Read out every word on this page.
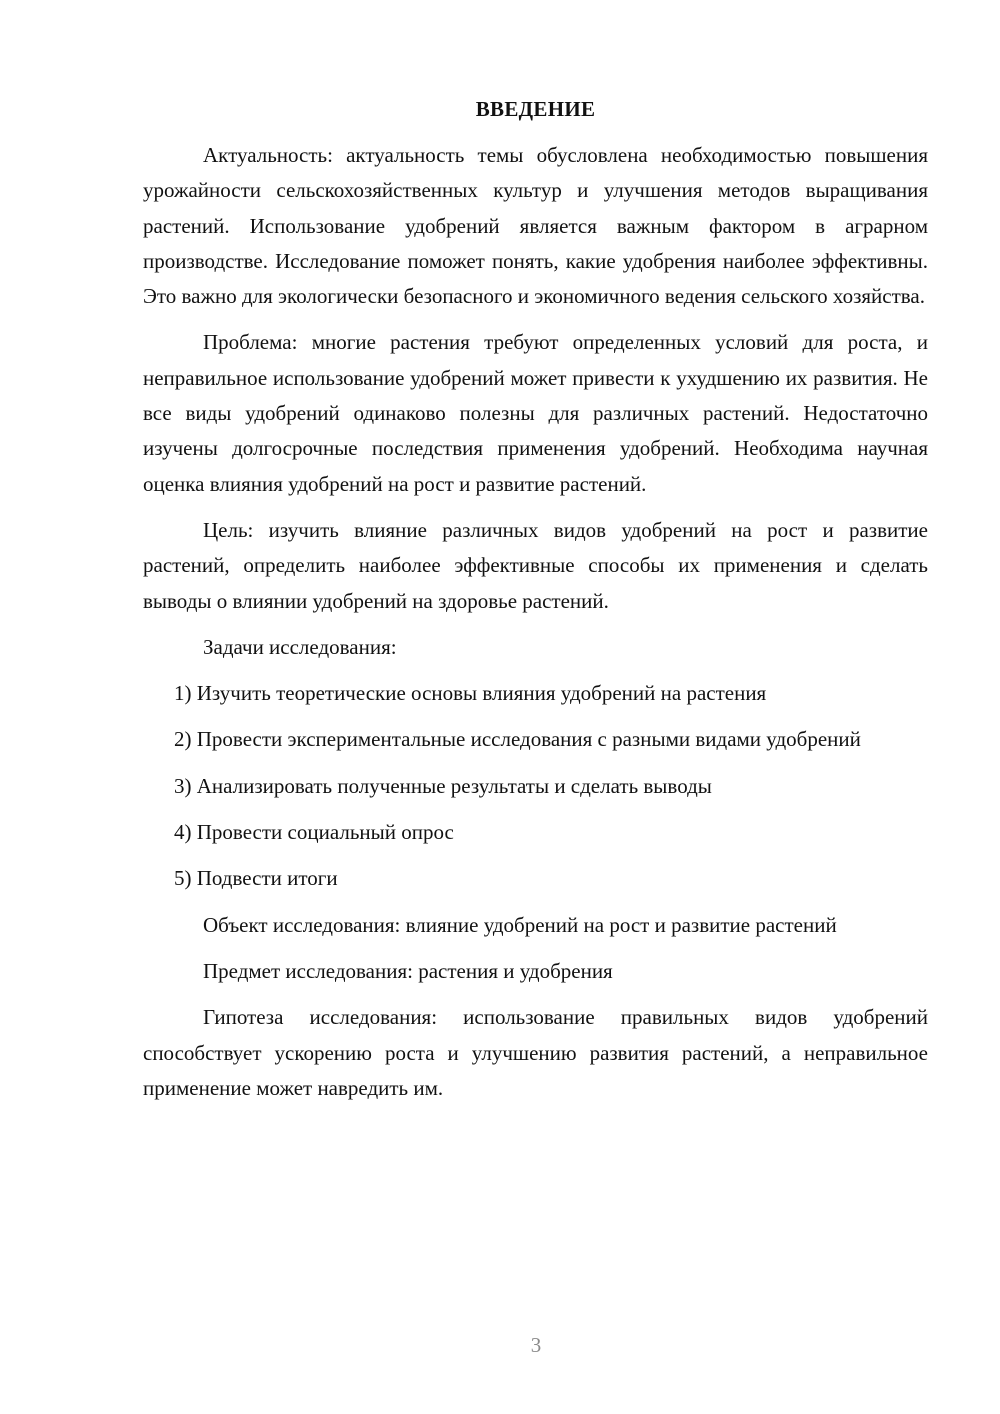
ВВЕДЕНИЕ

Актуальность: актуальность темы обусловлена необходимостью повышения урожайности сельскохозяйственных культур и улучшения методов выращивания растений. Использование удобрений является важным фактором в аграрном производстве. Исследование поможет понять, какие удобрения наиболее эффективны. Это важно для экологически безопасного и экономичного ведения сельского хозяйства.

Проблема: многие растения требуют определенных условий для роста, и неправильное использование удобрений может привести к ухудшению их развития. Не все виды удобрений одинаково полезны для различных растений. Недостаточно изучены долгосрочные последствия применения удобрений. Необходима научная оценка влияния удобрений на рост и развитие растений.

Цель: изучить влияние различных видов удобрений на рост и развитие растений, определить наиболее эффективные способы их применения и сделать выводы о влиянии удобрений на здоровье растений.

Задачи исследования:

1) Изучить теоретические основы влияния удобрений на растения

2) Провести экспериментальные исследования с разными видами удобрений

3) Анализировать полученные результаты и сделать выводы

4) Провести социальный опрос

5) Подвести итоги

Объект исследования: влияние удобрений на рост и развитие растений

Предмет исследования: растения и удобрения

Гипотеза исследования: использование правильных видов удобрений способствует ускорению роста и улучшению развития растений, а неправильное применение может навредить им.

3
